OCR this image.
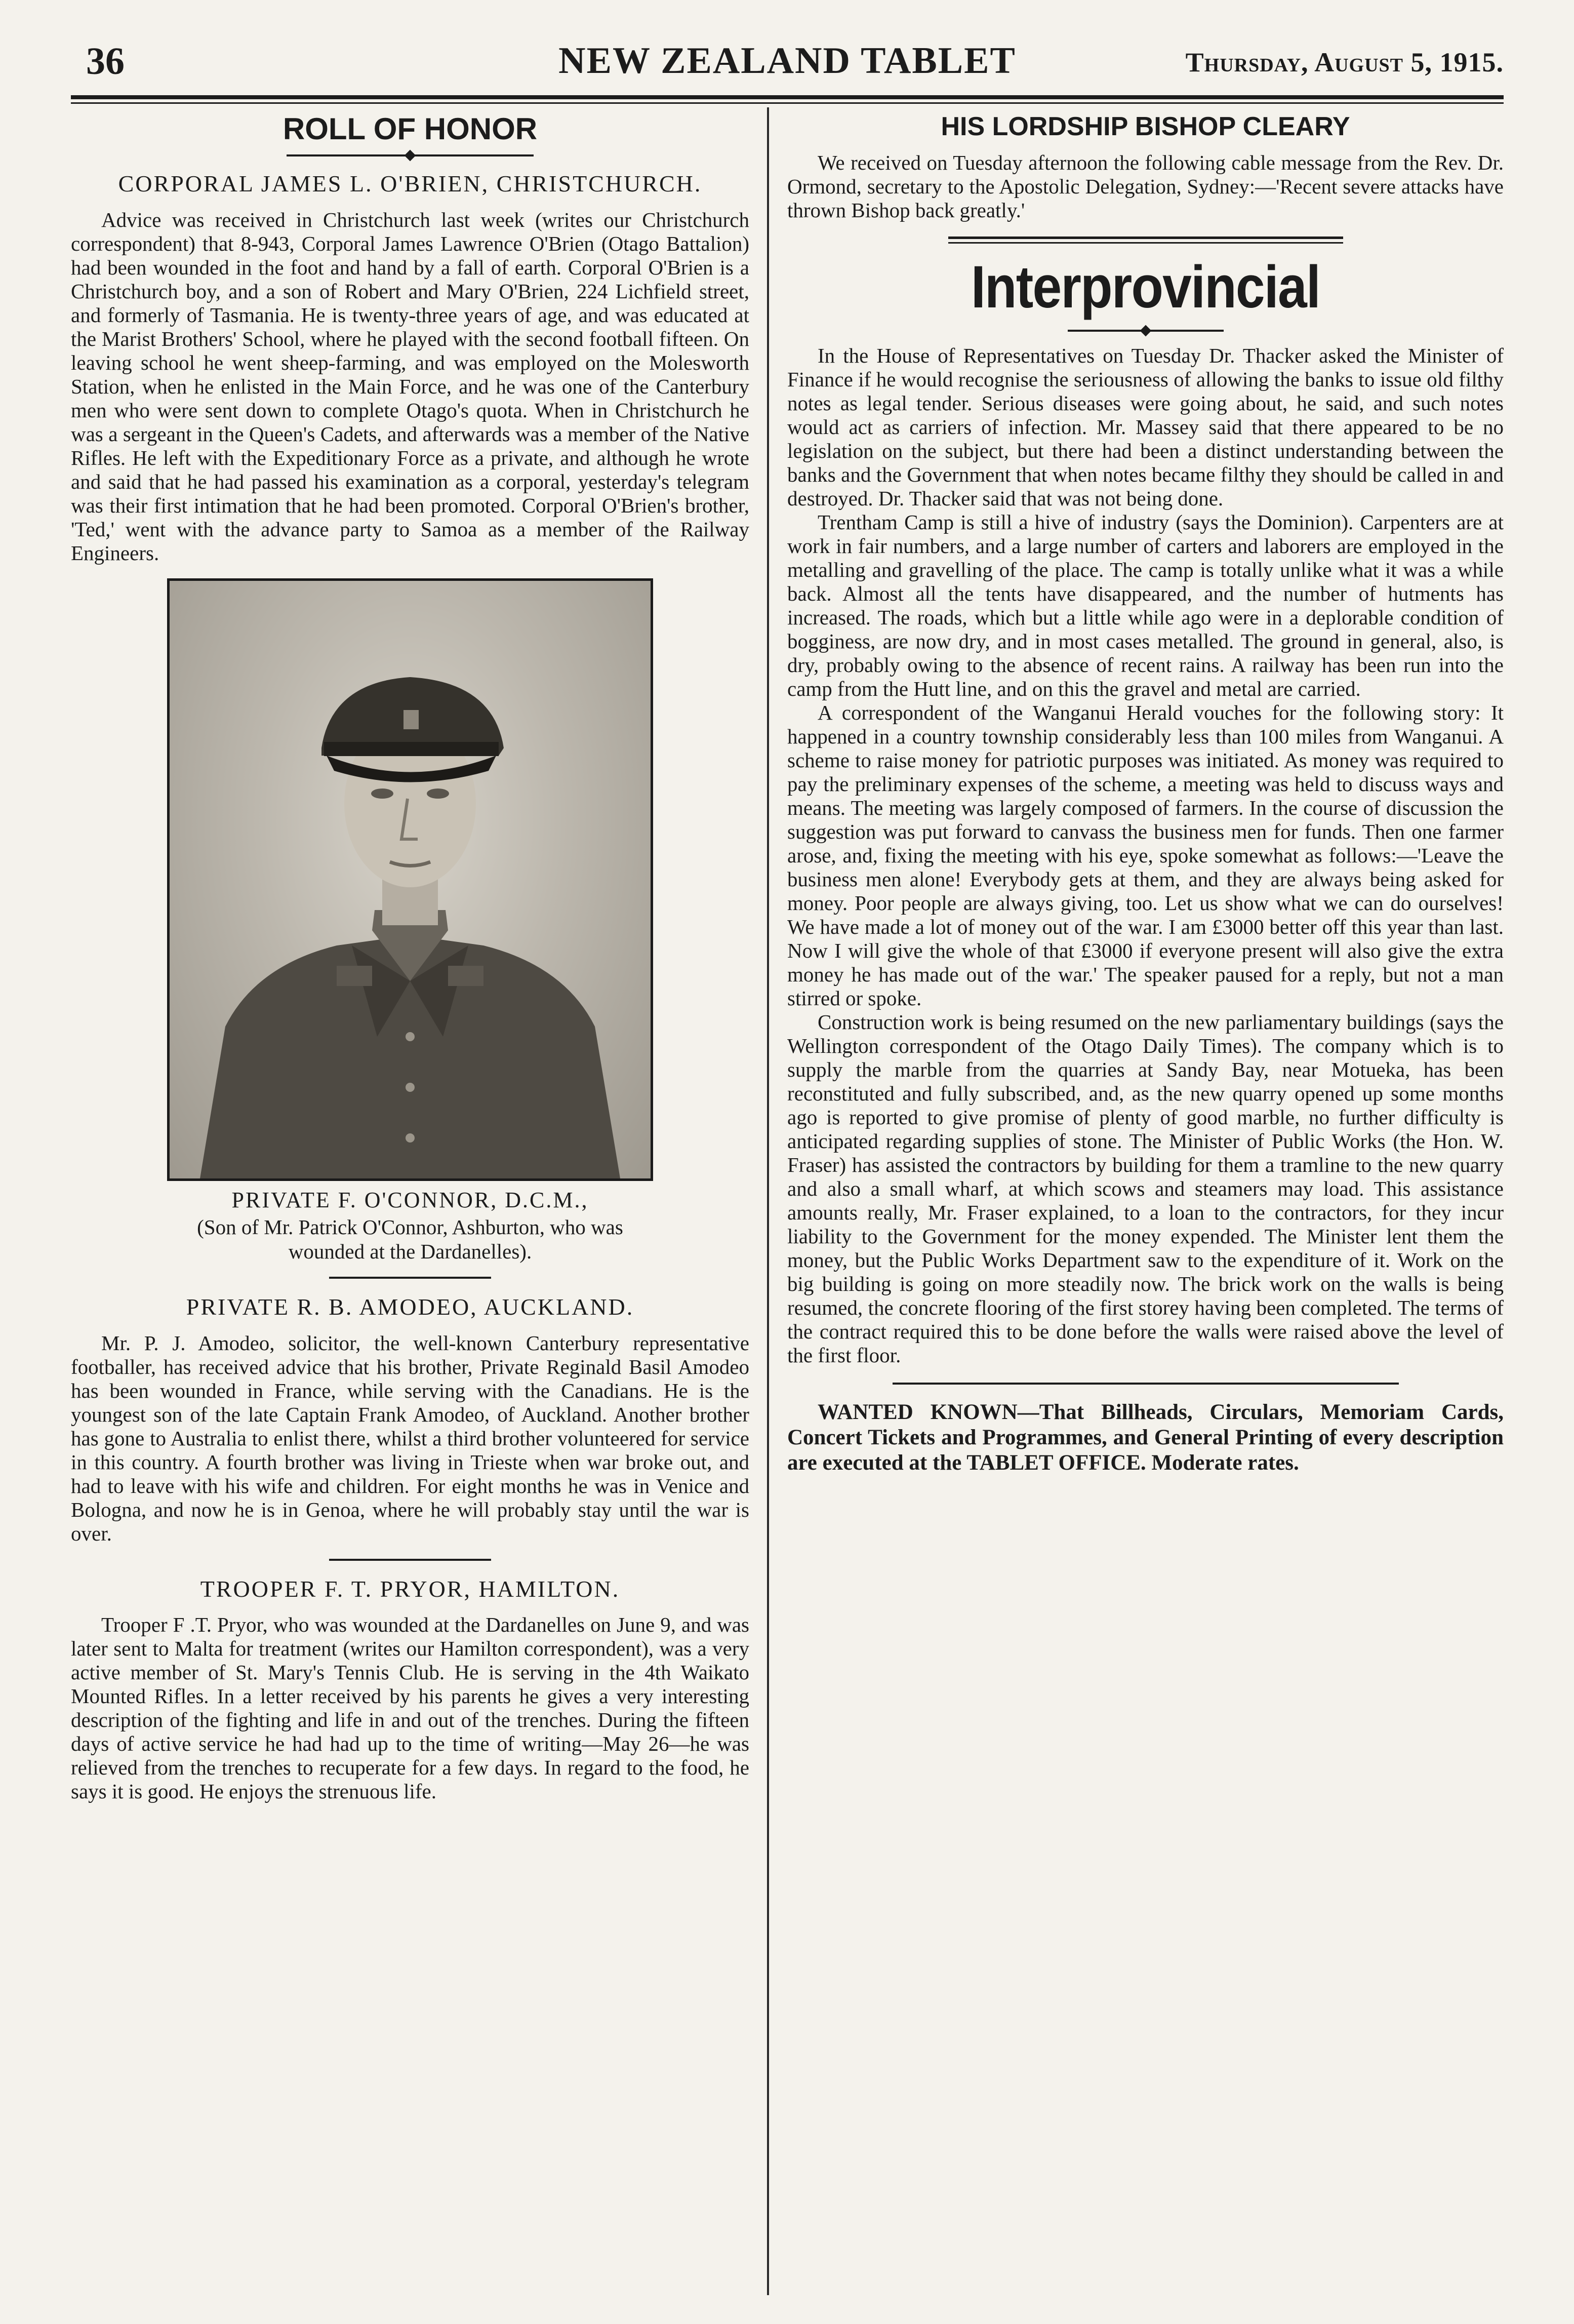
36	NEW ZEALAND TABLET	Thursday, August 5, 1915.
ROLL OF HONOR

CORPORAL JAMES L. O'BRIEN, CHRISTCHURCH.

Advice was received in Christchurch last week (writes our Christchurch correspondent) that 8-943, Corporal James Lawrence O'Brien (Otago Battalion) had been wounded in the foot and hand by a fall of earth. Corporal O'Brien is a Christchurch boy, and a son of Robert and Mary O'Brien, 224 Lichfield street, and formerly of Tasmania. He is twenty-three years of age, and was educated at the Marist Brothers' School, where he played with the second football fifteen. On leaving school he went sheep-farming, and was employed on the Molesworth Station, when he enlisted in the Main Force, and he was one of the Canterbury men who were sent down to complete Otago's quota. When in Christchurch he was a sergeant in the Queen's Cadets, and afterwards was a member of the Native Rifles. He left with the Expeditionary Force as a private, and although he wrote and said that he had passed his examination as a corporal, yesterday's telegram was their first intimation that he had been promoted. Corporal O'Brien's brother, 'Ted,' went with the advance party to Samoa as a member of the Railway Engineers.

PRIVATE F. O'CONNOR, D.C.M.,

(Son of Mr. Patrick O'Connor, Ashburton, who was wounded at the Dardanelles).

PRIVATE R. B. AMODEO, AUCKLAND.

Mr. P. J. Amodeo, solicitor, the well-known Canterbury representative footballer, has received advice that his brother, Private Reginald Basil Amodeo has been wounded in France, while serving with the Canadians. He is the youngest son of the late Captain Frank Amodeo, of Auckland. Another brother has gone to Australia to enlist there, whilst a third brother volunteered for service in this country. A fourth brother was living in Trieste when war broke out, and had to leave with his wife and children. For eight months he was in Venice and Bologna, and now he is in Genoa, where he will probably stay until the war is over.

TROOPER F. T. PRYOR, HAMILTON.

Trooper F .T. Pryor, who was wounded at the Dardanelles on June 9, and was later sent to Malta for treatment (writes our Hamilton correspondent), was a very active member of St. Mary's Tennis Club. He is serving in the 4th Waikato Mounted Rifles. In a letter received by his parents he gives a very interesting description of the fighting and life in and out of the trenches. During the fifteen days of active service he had had up to the time of writing—May 26—he was relieved from the trenches to recuperate for a few days. In regard to the food, he says it is good. He enjoys the strenuous life.

HIS LORDSHIP BISHOP CLEARY

We received on Tuesday afternoon the following cable message from the Rev. Dr. Ormond, secretary to the Apostolic Delegation, Sydney:—'Recent severe attacks have thrown Bishop back greatly.'

Interprovincial

In the House of Representatives on Tuesday Dr. Thacker asked the Minister of Finance if he would recognise the seriousness of allowing the banks to issue old filthy notes as legal tender. Serious diseases were going about, he said, and such notes would act as carriers of infection. Mr. Massey said that there appeared to be no legislation on the subject, but there had been a distinct understanding between the banks and the Government that when notes became filthy they should be called in and destroyed. Dr. Thacker said that was not being done.

Trentham Camp is still a hive of industry (says the Dominion). Carpenters are at work in fair numbers, and a large number of carters and laborers are employed in the metalling and gravelling of the place. The camp is totally unlike what it was a while back. Almost all the tents have disappeared, and the number of hutments has increased. The roads, which but a little while ago were in a deplorable condition of bogginess, are now dry, and in most cases metalled. The ground in general, also, is dry, probably owing to the absence of recent rains. A railway has been run into the camp from the Hutt line, and on this the gravel and metal are carried.

A correspondent of the Wanganui Herald vouches for the following story: It happened in a country township considerably less than 100 miles from Wanganui. A scheme to raise money for patriotic purposes was initiated. As money was required to pay the preliminary expenses of the scheme, a meeting was held to discuss ways and means. The meeting was largely composed of farmers. In the course of discussion the suggestion was put forward to canvass the business men for funds. Then one farmer arose, and, fixing the meeting with his eye, spoke somewhat as follows:—'Leave the business men alone! Everybody gets at them, and they are always being asked for money. Poor people are always giving, too. Let us show what we can do ourselves! We have made a lot of money out of the war. I am £3000 better off this year than last. Now I will give the whole of that £3000 if everyone present will also give the extra money he has made out of the war.' The speaker paused for a reply, but not a man stirred or spoke.

Construction work is being resumed on the new parliamentary buildings (says the Wellington correspondent of the Otago Daily Times). The company which is to supply the marble from the quarries at Sandy Bay, near Motueka, has been reconstituted and fully subscribed, and, as the new quarry opened up some months ago is reported to give promise of plenty of good marble, no further difficulty is anticipated regarding supplies of stone. The Minister of Public Works (the Hon. W. Fraser) has assisted the contractors by building for them a tramline to the new quarry and also a small wharf, at which scows and steamers may load. This assistance amounts really, Mr. Fraser explained, to a loan to the contractors, for they incur liability to the Government for the money expended. The Minister lent them the money, but the Public Works Department saw to the expenditure of it. Work on the big building is going on more steadily now. The brick work on the walls is being resumed, the concrete flooring of the first storey having been completed. The terms of the contract required this to be done before the walls were raised above the level of the first floor.

WANTED KNOWN—That Billheads, Circulars, Memoriam Cards, Concert Tickets and Programmes, and General Printing of every description are executed at the TABLET OFFICE. Moderate rates.
